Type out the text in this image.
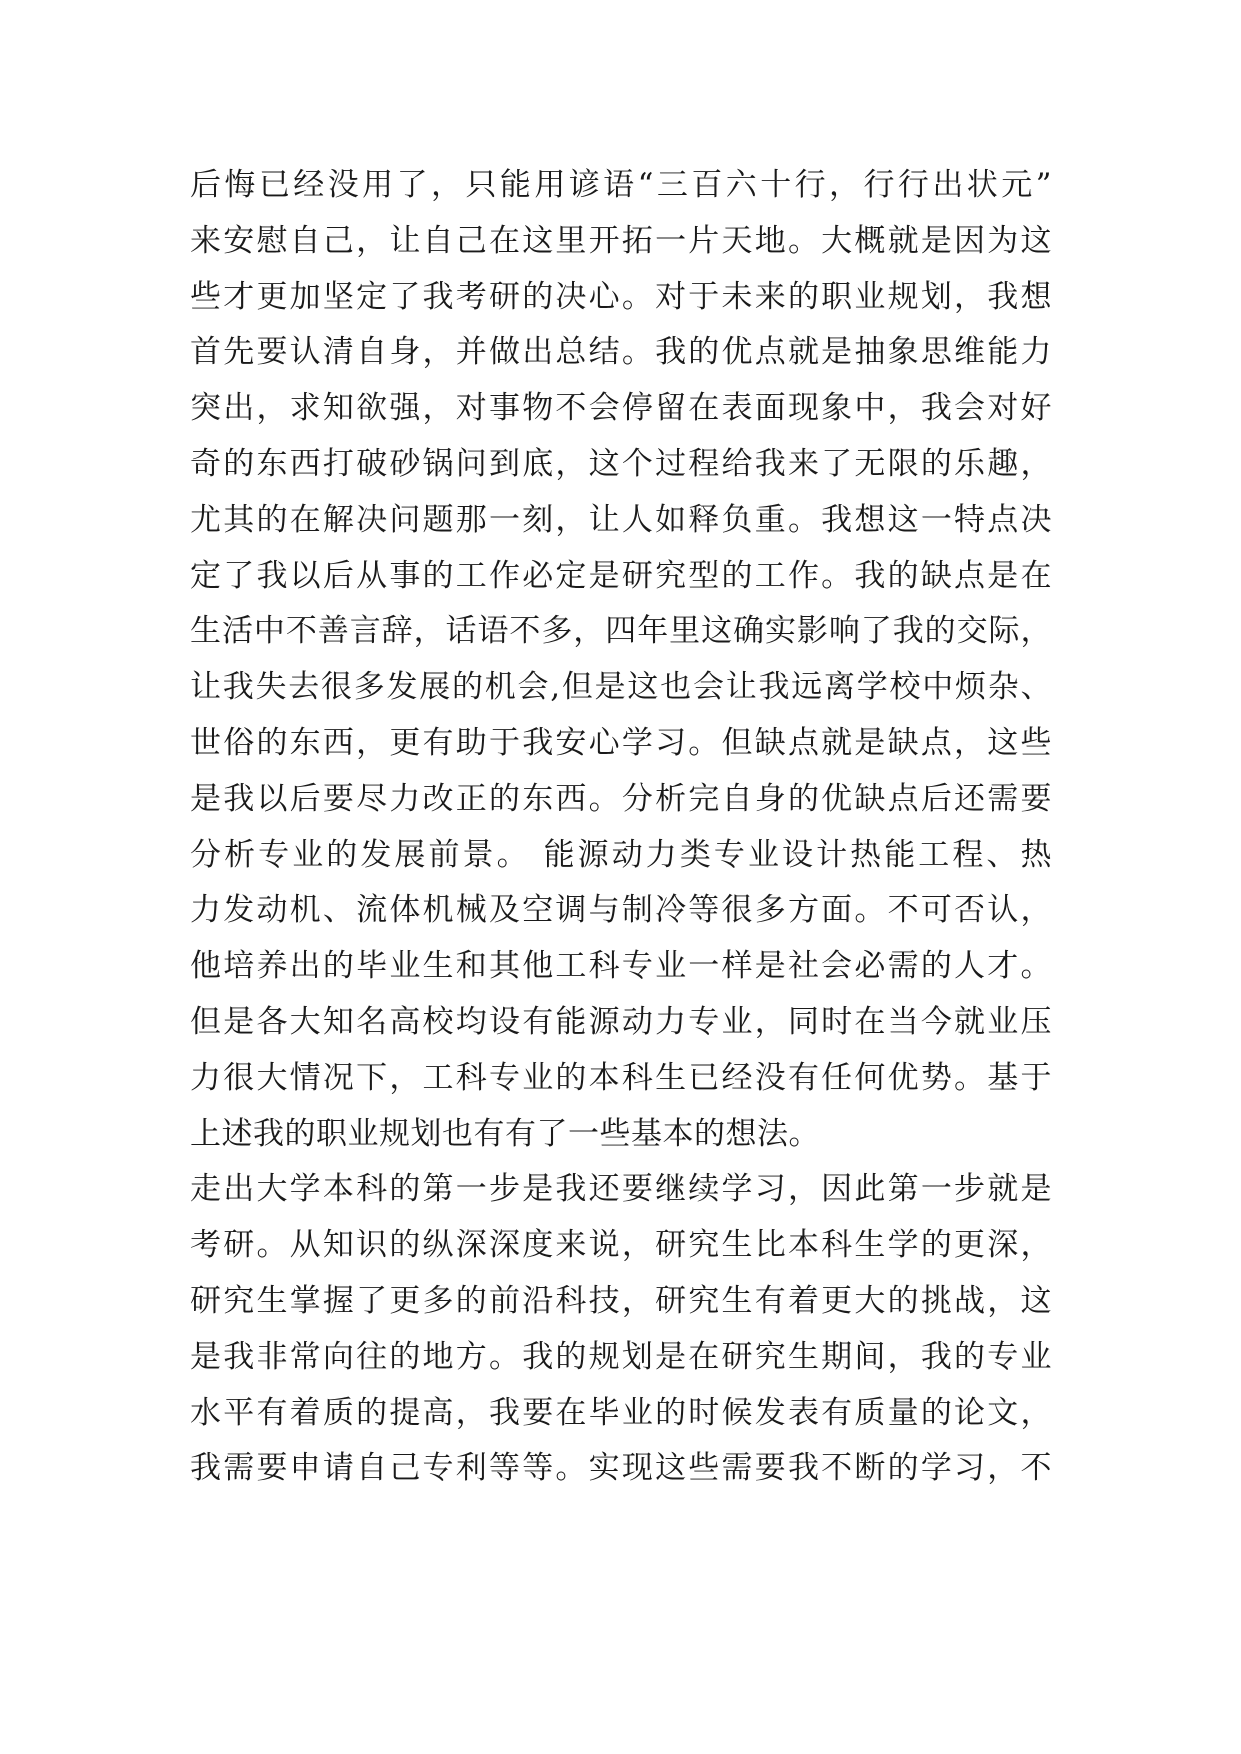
后悔已经没用了，只能用谚语“三百六十行，行行出状元”
来安慰自己，让自己在这里开拓一片天地。大概就是因为这
些才更加坚定了我考研的决心。对于未来的职业规划，我想
首先要认清自身，并做出总结。我的优点就是抽象思维能力
突出，求知欲强，对事物不会停留在表面现象中，我会对好
奇的东西打破砂锅问到底，这个过程给我来了无限的乐趣，
尤其的在解决问题那一刻，让人如释负重。我想这一特点决
定了我以后从事的工作必定是研究型的工作。我的缺点是在
生活中不善言辞，话语不多，四年里这确实影响了我的交际，
让我失去很多发展的机会,但是这也会让我远离学校中烦杂、
世俗的东西，更有助于我安心学习。但缺点就是缺点，这些
是我以后要尽力改正的东西。分析完自身的优缺点后还需要
分析专业的发展前景。 能源动力类专业设计热能工程、热
力发动机、流体机械及空调与制冷等很多方面。不可否认，
他培养出的毕业生和其他工科专业一样是社会必需的人才。
但是各大知名高校均设有能源动力专业，同时在当今就业压
力很大情况下，工科专业的本科生已经没有任何优势。基于
上述我的职业规划也有有了一些基本的想法。
走出大学本科的第一步是我还要继续学习，因此第一步就是
考研。从知识的纵深深度来说，研究生比本科生学的更深，
研究生掌握了更多的前沿科技，研究生有着更大的挑战，这
是我非常向往的地方。我的规划是在研究生期间，我的专业
水平有着质的提高，我要在毕业的时候发表有质量的论文，
我需要申请自己专利等等。实现这些需要我不断的学习，不
